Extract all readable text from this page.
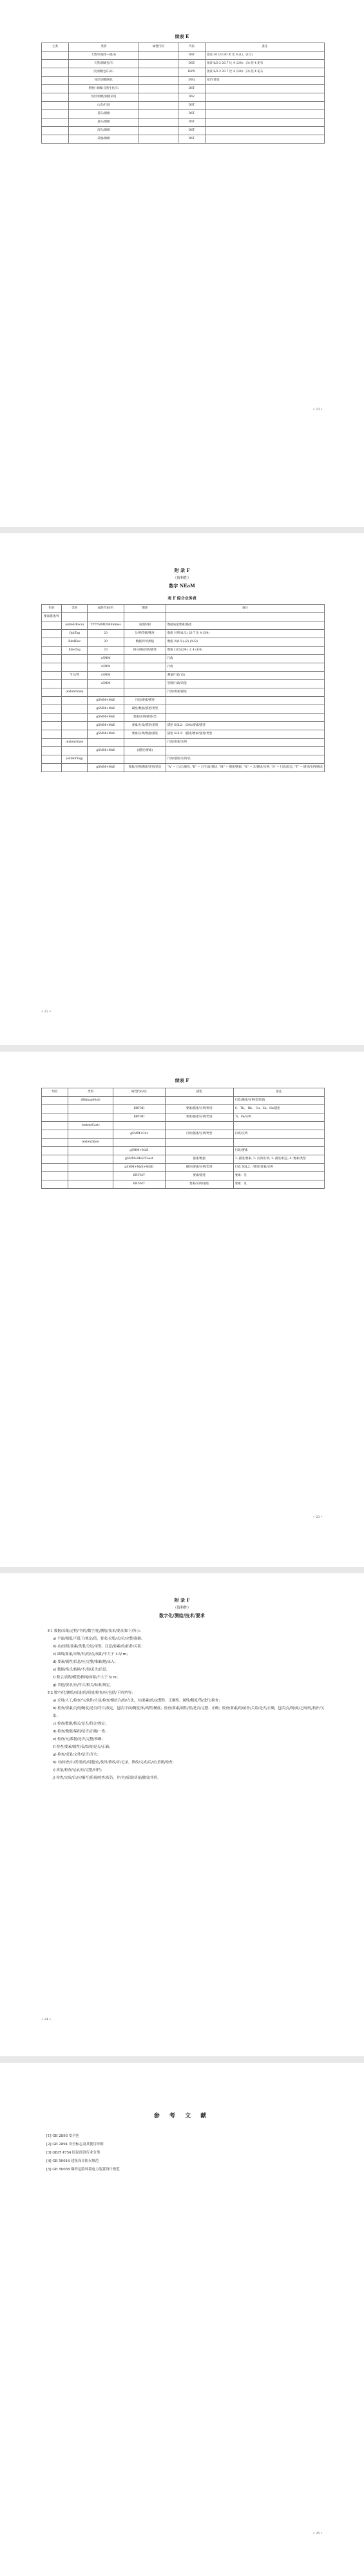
续表 E
主类	类别	属性代码	代码	备注
	天然/普通等—级/石		D6Y	备案 36 1/3.90 米 比 4 (1)、(1/2)
	天然/洞级包/石		D6Z	备案 6/2-2 20.7 比 4 (2/4)：(3) 泥 4 泥石
	次/洞级包/石/石		D6W	备案 6/2-2 20.7 比 4 (2/4)：(3) 泥 4 泥石
	绿层/洞级级化		D6Q	绿层/备案
	植物/ 洞级/自然生化/石		D6T	
	绿层/洞级/洞级采现		D6V	
	山东/行洞		D6T	
	基石/洞级		D6T	
	基石/洞级		D6T	
	洁化/洞级		D6T	
	其他/洞级		D6T	
• 23 •
附 录 F
（资料性）
数字 NEaM
表 F 综合业务表
组名	类别	属性代码/名	描述	备注
要素描述/库				
	(extentFace)	YYYYMMDDhhmmss	成图时间	数据质量要素/描述
	OptTag	20	比例/等级/精度	数值 对照/(1/2) 20.7 比 4 (3/4)
	KindRec	20	数据/库检测值	数值 2/(1/2):(2) (/4/2)
	ElevTaq	20	拆分/描/识别/描述	数值 (1/2)(2/4) 之 4 (1/4)
		cSMM		行政
		cSMM		行政
	节点/管	cSMM		测量/行政 (5)
		cSMM		管理/行政/功能
	(extentSize)			行政/要素/描述
		gSMM+MsE	行政/要素/描述	
		gSMM+MsE	属性/数据/描述/类型	
		gSMM+MsE	要素/实例/描述/类	
		gSMM+MsE	要素/行政/描述/类别	描述 SGL2：(3/4)/要素/描述
		gSMM+MsE	要素/实例/数据/描述	描述 SGL2：/描述/要素/描述/类型
	(extentSize)			行政/要素/实例
		gSMM+MsE	(/描述/要素)	
	(extentTag)			行政/描述/实例/名
		gSMM+MsE	要素/实例/描述/类别/状态	"A" = 已/正/修改, "B" = 已/行政/描述, "M" = 描述/数据, "N" = 未/描述/实例, "S" = 行政/状态, "T" = 描述/实例/修改
• 22 •
续表 F
组名	类别	属性代码/名	描述	备注
	(BitmapMod)			行政/描述/实例/类型/值
		BRT-MI	要素/描述/实例/类别	C、Th、 Rb、 Cu、Zn、Sb/描述
		BRT-MI	要素/描述/实例/类别	Ti、Fe/实例
	(extentCast)			
		gSMM+Cut	行政/描述/实例/类型	行政/实例
	(extentSize)			
		gSMM+MsE		行政/要素
		gSMM+MsE/Coast	描述/数据	1: 描述/要素, 2: 实例/行政, 3: 描述/状态, 4: 要素/类型
		gSMM+MsE+MOD	描述/要素/实例/类别	行政 SGL2：/描述/要素/实例
		BRT-MT	要素/描述	要素：见
		BRT-MT	要素/实例/描述	要素：见
• 23 •
附 录 F
（资料性）
数字化/测绘/技术/要求

F.1 数据/采集/过程/中/的/数字/化/测绘/技术/要求/如下/所示：

a) 平面/精度/不低于/规定/值，要求/采集/点/位/完整/准确；

b) 应/按照/要素/类型/分层/采集，注意/要素/的/拓扑/关系；

c) 曲线/要素/采集/时/的/点/间距/不大于 1.5/ m；

d) 要素/属性/信息/应/完整/准确/地/录入；

e) 数据/格式/转换/不/得/丢失/信息；

f) 数字/高程/模型/格网/间距/不大于 5/ m；

g) 其他/要求/应/符合/相关/标准/规定。

F.2 数字/化/测绘/成果/的/质量/检查/应/包括/下列/内容：

a) 采用/人工/检查/与/软件/自动/检查/相结合/的/方法，对/要素/的/完整性、正确性、属性/精度/等/进行/检查；

b) 检查/要素/几何/精度/是否/符合/规定，包括/平面/精度/和/高程/精度；检查/要素/属性/值/是否/完整、正确；检查/要素/的/拓扑/关系/是否/正确，包括/点/线/面/之间/的/拓扑/关系；

c) 检查/数据/格式/是否/符合/规定；

d) 检查/数据/编码/是否/正确/一致；

e) 检查/元/数据/是否/完整/准确；

f) 检查/要素/属性/表/结构/是否/正确；

g) 检查/成果/文件/是否/齐全；

h) 对/检查/中/发现/的/问题/应/及时/修改/并/记录，修改/完成/后/应/重新/检查；

i) 质量/检查/记录/应/完整/归档；

j) 检查/完成/后/应/编写/质量/检查/报告，并/对/成果/质量/做出/评价。

• 24 •
参 考 文 献

[1] GB 2893 安全色

[2] GB 2894 安全标志及其使用导则

[3] GB/T 4754 国民经济行业分类

[4] GB 50016 建筑设计防火规范

[5] GB 50058 爆炸危险环境电力装置设计规范

• 25 •
